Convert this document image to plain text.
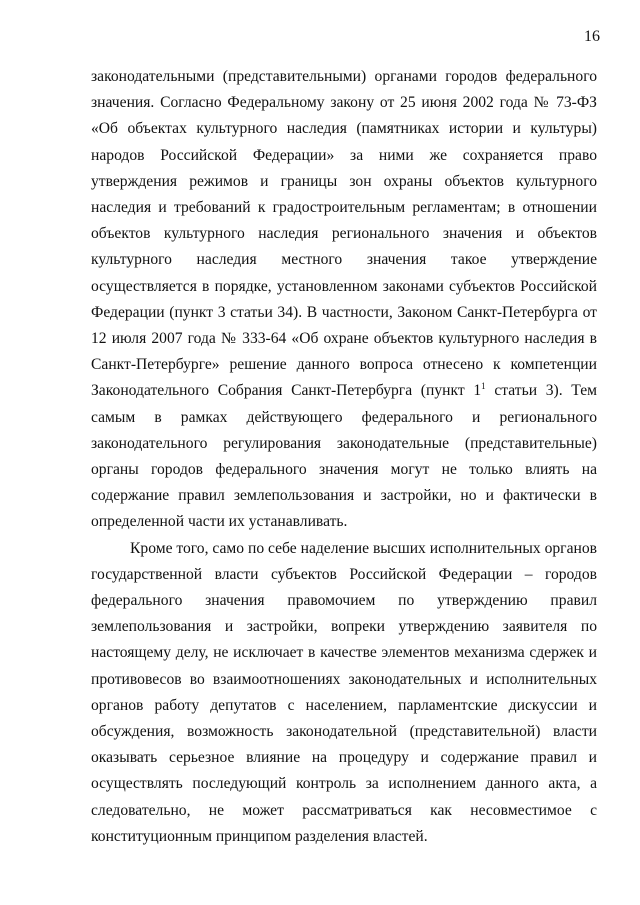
16

законодательными (представительными) органами городов федерального значения. Согласно Федеральному закону от 25 июня 2002 года № 73-ФЗ «Об объектах культурного наследия (памятниках истории и культуры) народов Российской Федерации» за ними же сохраняется право утверждения режимов и границы зон охраны объектов культурного наследия и требований к градостроительным регламентам; в отношении объектов культурного наследия регионального значения и объектов культурного наследия местного значения такое утверждение осуществляется в порядке, установленном законами субъектов Российской Федерации (пункт 3 статьи 34). В частности, Законом Санкт-Петербурга от 12 июля 2007 года № 333-64 «Об охране объектов культурного наследия в Санкт-Петербурге» решение данного вопроса отнесено к компетенции Законодательного Собрания Санкт-Петербурга (пункт 1$^1$ статьи 3). Тем самым в рамках действующего федерального и регионального законодательного регулирования законодательные (представительные) органы городов федерального значения могут не только влиять на содержание правил землепользования и застройки, но и фактически в определенной части их устанавливать.

Кроме того, само по себе наделение высших исполнительных органов государственной власти субъектов Российской Федерации – городов федерального значения правомочием по утверждению правил землепользования и застройки, вопреки утверждению заявителя по настоящему делу, не исключает в качестве элементов механизма сдержек и противовесов во взаимоотношениях законодательных и исполнительных органов работу депутатов с населением, парламентские дискуссии и обсуждения, возможность законодательной (представительной) власти оказывать серьезное влияние на процедуру и содержание правил и осуществлять последующий контроль за исполнением данного акта, а следовательно, не может рассматриваться как несовместимое с конституционным принципом разделения властей.
